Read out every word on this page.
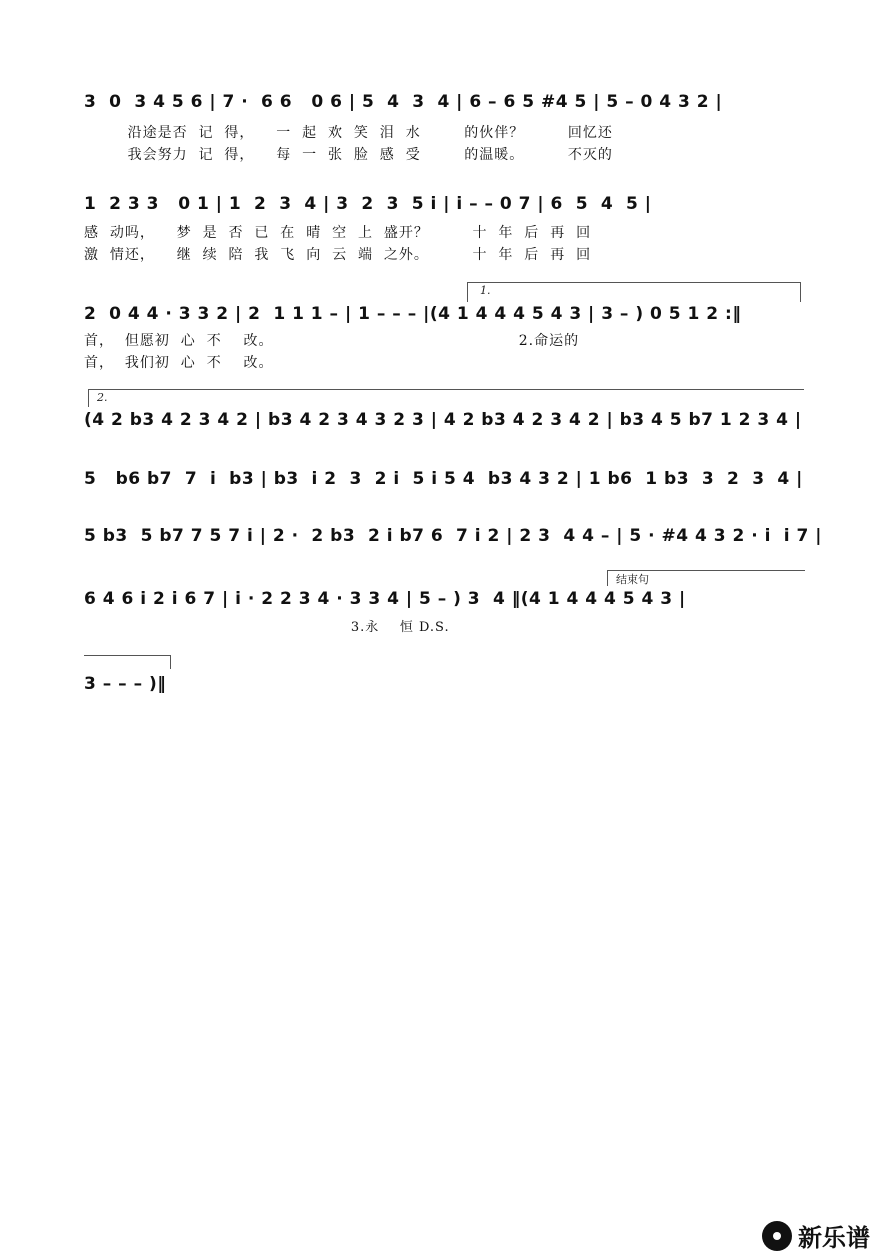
3  0  3 4 5 6 | 7 ·  6 6   0 6 | 5  4  3  4 | 6 – 6 5 #4 5 | 5 – 0 4 3 2 |
沿途是否  记  得，    一  起  欢  笑  泪  水        的伙伴？        回忆还
我会努力  记  得，    每  一  张  脸  感  受        的温暖。        不灭的
1  2 3 3   0 1 | 1  2  3  4 | 3  2  3  5 i | i – – 0 7 | 6  5  4  5 |
感  动吗，    梦  是  否  已  在  晴  空  上  盛开？        十  年  后  再  回
激  情还，    继  续  陪  我  飞  向  云  端  之外。        十  年  后  再  回
1.
2  0 4 4 · 3 3 2 | 2  1 1 1 – | 1 – – – |(4 1 4 4 4 5 4 3 | 3 – ) 0 5 1 2 :‖
首，  但愿初  心  不    改。                                             2.命运的
首，  我们初  心  不    改。
2.
(4 2 b3 4 2 3 4 2 | b3 4 2 3 4 3 2 3 | 4 2 b3 4 2 3 4 2 | b3 4 5 b7 1 2 3 4 |
5   b6 b7  7  i  b3 | b3  i 2  3  2 i  5 i 5 4  b3 4 3 2 | 1 b6  1 b3  3  2  3  4 |
5 b3  5 b7 7 5 7 i | 2 ·  2 b3  2 i b7 6  7 i 2 | 2 3  4 4 – | 5 · #4 4 3 2 · i  i 7 |
结束句
6 4 6 i 2 i 6 7 | i · 2 2 3 4 · 3 3 4 | 5 – ) 3  4 ‖(4 1 4 4 4 5 4 3 |
3.永    恒 D.S.
3 – – – )‖
新乐谱
